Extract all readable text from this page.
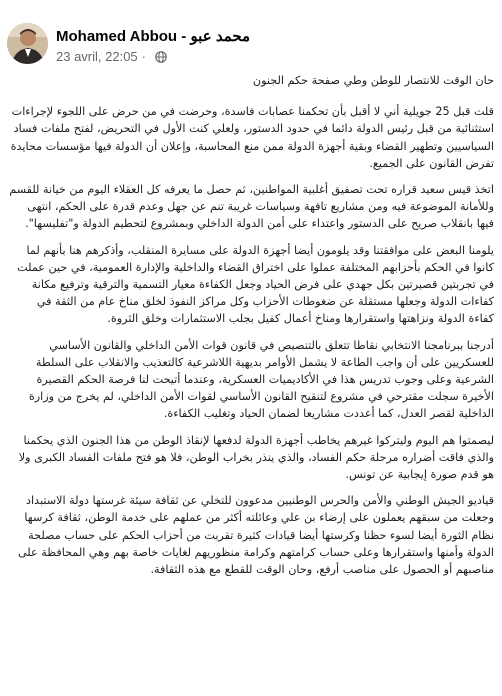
Mohamed Abbou - محمد عبو
23 avril, 22:05 ·

حان الوقت للانتصار للوطن وطي صفحة حكم الجنون

قلت قبل 25 جويلية أني لا أقبل بأن تحكمنا عصابات فاسدة، وحرضت في من حرض على اللجوء لإجراءات استثنائية من قبل رئيس الدولة دائما في حدود الدستور، ولعلي كنت الأول في التحريض، لفتح ملفات فساد السياسيين وتطهير القضاء وبقية أجهزة الدولة ممن منع المحاسبة، وإعلان أن الدولة فيها مؤسسات محايدة تفرض القانون على الجميع.

اتخذ قيس سعيد قراره تحت تصفيق أغلبية المواطنين، ثم حصل ما يعرفه كل العقلاء اليوم من خيانة للقسم وللأمانة الموضوعة فيه ومن مشاريع تافهة وسياسات غريبة تنم عن جهل وعدم قدرة على الحكم، انتهى فيها بانقلاب صريح على الدستور واعتداء على أمن الدولة الداخلي وبمشروع لتحطيم الدولة و"تفليسها".

يلومنا البعض على موافقتنا وقد يلومون أيضا أجهزة الدولة على مسايرة المنقلب، وأذكرهم هنا بأنهم لما كانوا في الحكم بأحزابهم المختلفة عملوا على اختراق القضاء والداخلية والإدارة العمومية، في حين عملت في تجربتين قصيرتين بكل جهدي على فرض الحياد وجعل الكفاءة معيار التسمية والترقية وترفيع مكانة كفاءات الدولة وجعلها مستقلة عن ضغوطات الأحزاب وكل مراكز النفوذ لخلق مناخ عام من الثقة في كفاءة الدولة ونزاهتها واستقرارها ومناخ أعمال كفيل بجلب الاستثمارات وخلق الثروة.

أدرجنا ببرنامجنا الانتخابي نقاطا تتعلق بالتنصيص في قانون قوات الأمن الداخلي والقانون الأساسي للعسكريين على أن واجب الطاعة لا يشمل الأوامر بديهية اللاشرعية كالتعذيب والانقلاب على السلطة الشرعية وعلى وجوب تدريس هذا في الأكاديميات العسكرية، وعندما أتيحت لنا فرصة الحكم القصيرة الأخيرة سجلت مقترحي في مشروع لتنقيح القانون الأساسي لقوات الأمن الداخلي، لم يخرج من وزارة الداخلية لقصر العدل، كما أعددت مشاريعا لضمان الحياد وتغليب الكفاءة.

ليصمتوا هم اليوم وليتركوا غيرهم يخاطب أجهزة الدولة لدفعها لإنقاذ الوطن من هذا الجنون الذي يحكمنا والذي فاقت أضراره مرحلة حكم الفساد، والذي ينذر بخراب الوطن، فلا هو فتح ملفات الفساد الكبرى ولا هو قدم صورة إيجابية عن تونس.

قياديو الجيش الوطني والأمن والحرس الوطنيين مدعوون للتخلي عن ثقافة سيئة غرستها دولة الاستبداد وجعلت من سبقهم يعملون على إرضاء بن علي وعائلته أكثر من عملهم على خدمة الوطن، ثقافة كرسها نظام الثورة أيضا لسوء حظنا وكرستها أيضا قيادات كثيرة تقربت من أحزاب الحكم على حساب مصلحة الدولة وأمنها واستقرارها وعلى حساب كرامتهم وكرامة منظوريهم لغايات خاصة بهم وهي المحافظة على مناصبهم أو الحصول على مناصب أرفع، وحان الوقت للقطع مع هذه الثقافة.
